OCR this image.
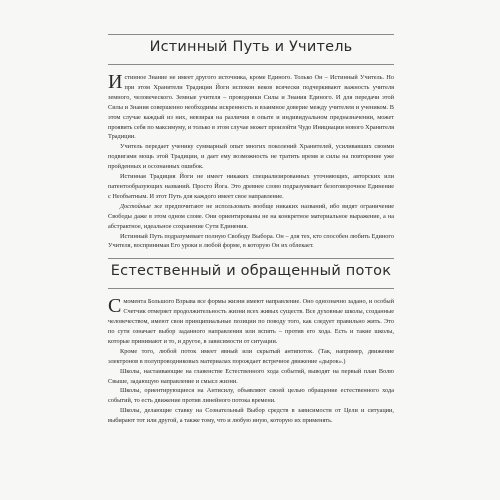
Истинный Путь и Учитель

Истинное Знание не имеет другого источника, кроме Единого. Только Он – Истинный Учитель. Но при этом Хранители Традиции Йоги испокон веков всячески подчеркивают важность учителя земного, человеческого. Земные учителя – проводники Силы и Знания Единого. И для передачи этой Силы и Знания совершенно необходимы искренность и взаимное доверие между учителем и учеником. В этом случае каждый из них, невзирая на различия в опыте и индивидуальном предназначении, может проявить себя по максимуму, и только в этом случае может произойти Чудо Инициации нового Хранителя Традиции.

Учитель передает ученику суммарный опыт многих поколений Хранителей, усиливавших своими подвигами мощь этой Традиции, и дает ему возможность не тратить время и силы на повторение уже пройденных и осознанных ошибок.

Истинная Традиция Йоги не имеет никаких специализированных уточняющих, авторских или патентообразующих названий. Просто Йога. Это древнее слово подразумевает безоговорочное Единение с Необъятным. И этот Путь для каждого имеет свое направление.

Достойные же предпочитают не использовать вообще никаких названий, ибо видят ограничение Свободы даже в этом одном слове. Они ориентированы не на конкретное материальное выражение, а на абстрактное, идеальное сохранение Сути Единения.

Истинный Путь подразумевает полную Свободу Выбора. Он – для тех, кто способен любить Единого Учителя, воспринимая Его уроки в любой форме, в которую Он их облекает.

Естественный и обращенный поток

Смомента Большого Взрыва все формы жизни имеют направление. Оно однозначно задано, и особый Счетчик отмеряет продолжительность жизни всех живых существ. Все духовные школы, созданные человечеством, имеют свои принципиальные позиции по поводу того, как следует правильно жить. Это по сути означает выбор заданного направления или вспять – против его хода. Есть и такие школы, которые принимают и то, и другое, в зависимости от ситуации.

Кроме того, любой поток имеет явный или скрытый антипоток. (Так, например, движение электронов в полупроводниковых материалах порождает встречное движение «дырок».)

Школы, настаивающие на главенстве Естественного хода событий, выводят на первый план Волю Свыше, задающую направление и смысл жизни.

Школы, ориентирующиеся на Антисилу, объявляют своей целью обращение естественного хода событий, то есть движение против линейного потока времени.

Школы, делающие ставку на Сознательный Выбор средств в зависимости от Цели и ситуации, выбирают тот или другой, а также тому, что и любую иную, которую их применять.
